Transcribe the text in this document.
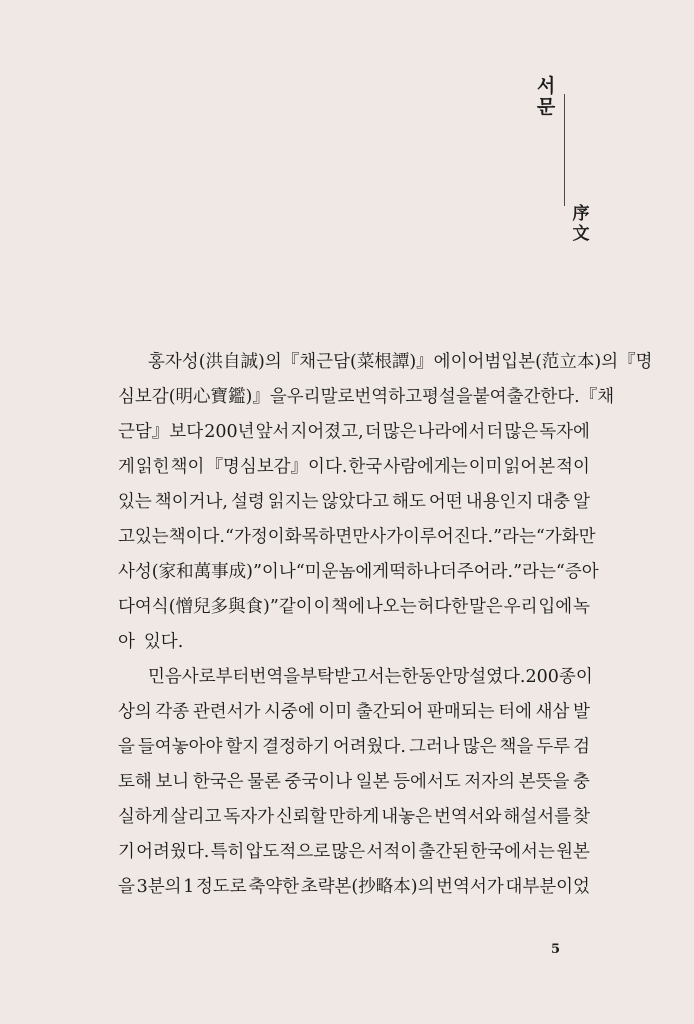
서
문
序
文
홍자성(洪自誠)의 『채근담(菜根譚)』에 이어 범입본(范立本)의 『명
심보감(明心寶鑑)』을 우리말로 번역하고 평설을 붙여 출간한다. 『채
근담』보다 200년 앞서 지어졌고, 더 많은 나라에서 더 많은 독자에
게 읽힌 책이 『명심보감』이다. 한국 사람에게는 이미 읽어 본 적이
있는 책이거나, 설령 읽지는 않았다고 해도 어떤 내용인지 대충 알
고 있는 책이다. “가정이 화목하면 만사가 이루어진다.”라는 “가화만
사성(家和萬事成)”이나 “미운 놈에게 떡 하나 더 주어라.”라는 “증아
다여식(憎兒多與食)”같이 이 책에 나오는 허다한 말은 우리 입에 녹
아 있다.
민음사로부터 번역을 부탁받고서는 한동안 망설였다. 200종 이
상의 각종 관련서가 시중에 이미 출간되어 판매되는 터에 새삼 발
을 들여놓아야 할지 결정하기 어려웠다. 그러나 많은 책을 두루 검
토해 보니 한국은 물론 중국이나 일본 등에서도 저자의 본뜻을 충
실하게 살리고 독자가 신뢰할 만하게 내놓은 번역서와 해설서를 찾
기 어려웠다. 특히 압도적으로 많은 서적이 출간된 한국에서는 원본
을 3분의 1 정도로 축약한 초략본(抄略本)의 번역서가 대부분이었
5
